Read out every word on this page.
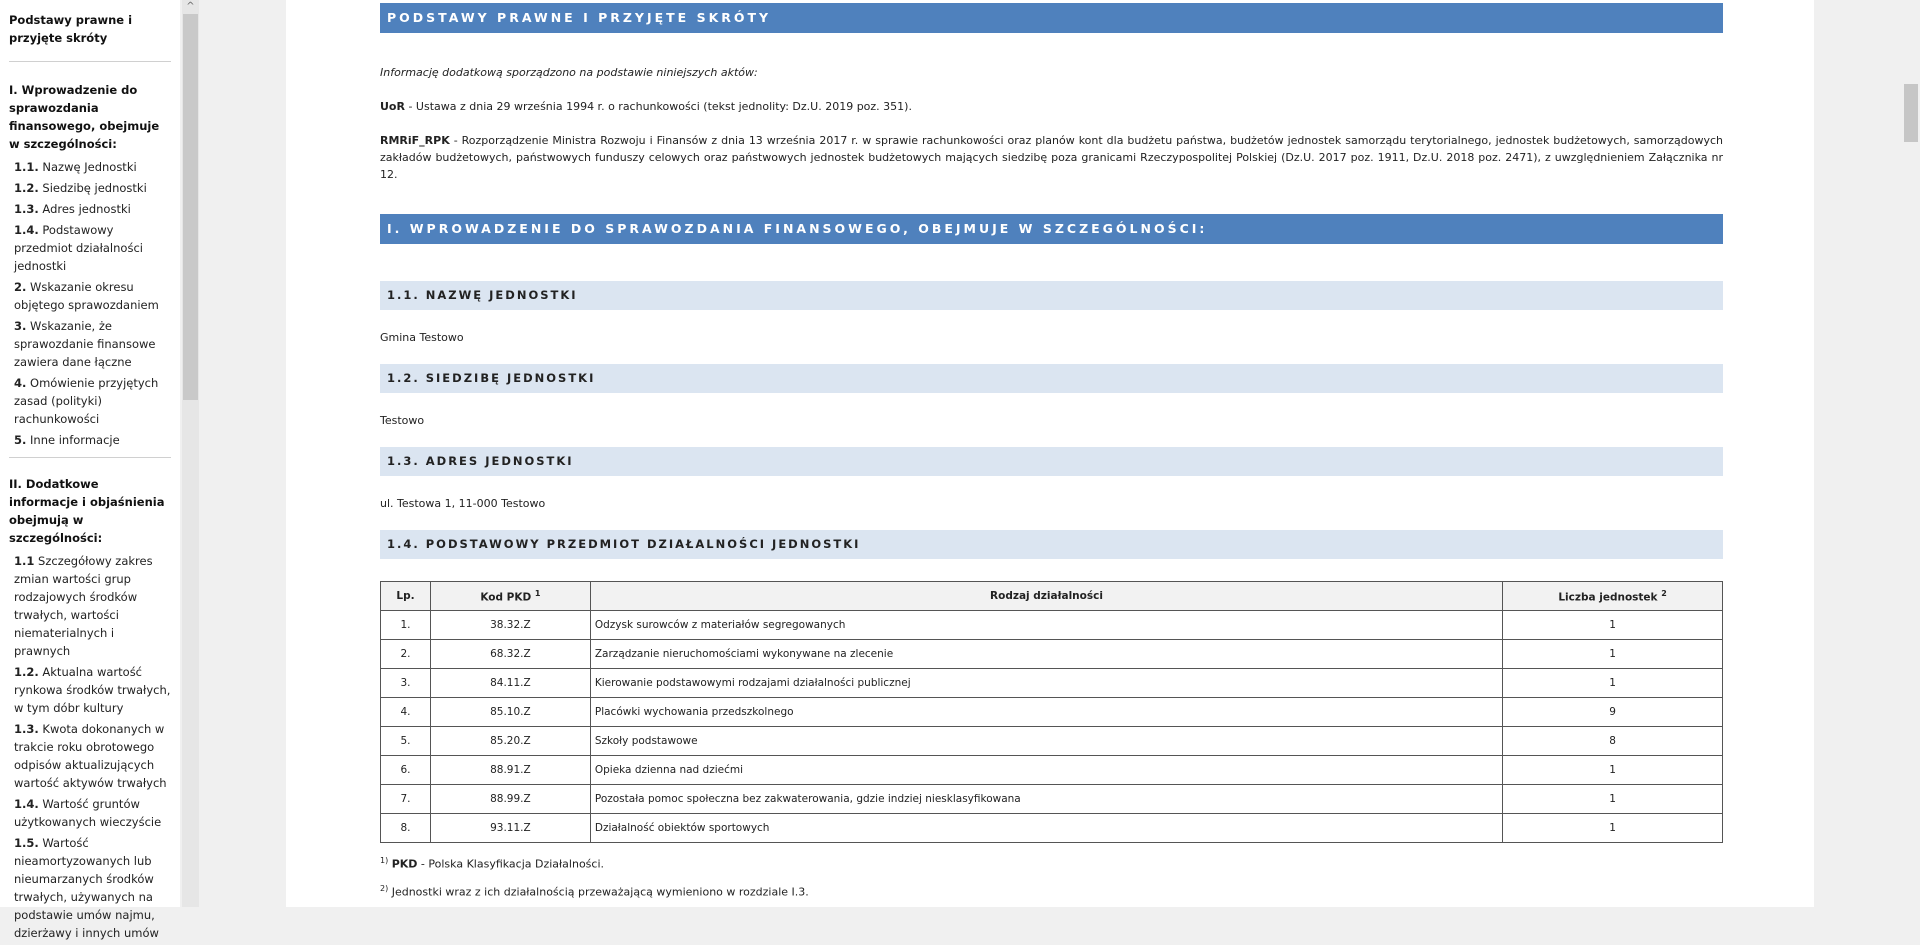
Podstawy prawne i przyjęte skróty
I. Wprowadzenie do sprawozdania finansowego, obejmuje w szczególności:
1.1. Nazwę Jednostki
1.2. Siedzibę jednostki
1.3. Adres jednostki
1.4. Podstawowy przedmiot działalności jednostki
2. Wskazanie okresu objętego sprawozdaniem
3. Wskazanie, że sprawozdanie finansowe zawiera dane łączne
4. Omówienie przyjętych zasad (polityki) rachunkowości
5. Inne informacje
II. Dodatkowe informacje i objaśnienia obejmują w szczególności:
1.1 Szczegółowy zakres zmian wartości grup rodzajowych środków trwałych, wartości niematerialnych i prawnych
1.2. Aktualna wartość rynkowa środków trwałych, w tym dóbr kultury
1.3. Kwota dokonanych w trakcie roku obrotowego odpisów aktualizujących wartość aktywów trwałych
1.4. Wartość gruntów użytkowanych wieczyście
1.5. Wartość nieamortyzowanych lub nieumarzanych środków trwałych, używanych na podstawie umów najmu, dzierżawy i innych umów
^
PODSTAWY PRAWNE I PRZYJĘTE SKRÓTY

Informację dodatkową sporządzono na podstawie niniejszych aktów:

UoR - Ustawa z dnia 29 września 1994 r. o rachunkowości (tekst jednolity: Dz.U. 2019 poz. 351).

RMRiF_RPK - Rozporządzenie Ministra Rozwoju i Finansów z dnia 13 września 2017 r. w sprawie rachunkowości oraz planów kont dla budżetu państwa, budżetów jednostek samorządu terytorialnego, jednostek budżetowych, samorządowych zakładów budżetowych, państwowych funduszy celowych oraz państwowych jednostek budżetowych mających siedzibę poza granicami Rzeczypospolitej Polskiej (Dz.U. 2017 poz. 1911, Dz.U. 2018 poz. 2471), z uwzględnieniem Załącznika nr 12.

I. WPROWADZENIE DO SPRAWOZDANIA FINANSOWEGO, OBEJMUJE W SZCZEGÓLNOŚCI:
1.1. NAZWĘ JEDNOSTKI

Gmina Testowo

1.2. SIEDZIBĘ JEDNOSTKI

Testowo

1.3. ADRES JEDNOSTKI

ul. Testowa 1, 11-000 Testowo

1.4. PODSTAWOWY PRZEDMIOT DZIAŁALNOŚCI JEDNOSTKI
Lp.	Kod PKD $^1$	Rodzaj działalności	Liczba jednostek $^2$
1.	38.32.Z	Odzysk surowców z materiałów segregowanych	1
2.	68.32.Z	Zarządzanie nieruchomościami wykonywane na zlecenie	1
3.	84.11.Z	Kierowanie podstawowymi rodzajami działalności publicznej	1
4.	85.10.Z	Placówki wychowania przedszkolnego	9
5.	85.20.Z	Szkoły podstawowe	8
6.	88.91.Z	Opieka dzienna nad dziećmi	1
7.	88.99.Z	Pozostała pomoc społeczna bez zakwaterowania, gdzie indziej niesklasyfikowana	1
8.	93.11.Z	Działalność obiektów sportowych	1

$^{1)}$ PKD - Polska Klasyfikacja Działalności.

$^{2)}$ Jednostki wraz z ich działalnością przeważającą wymieniono w rozdziale I.3.
